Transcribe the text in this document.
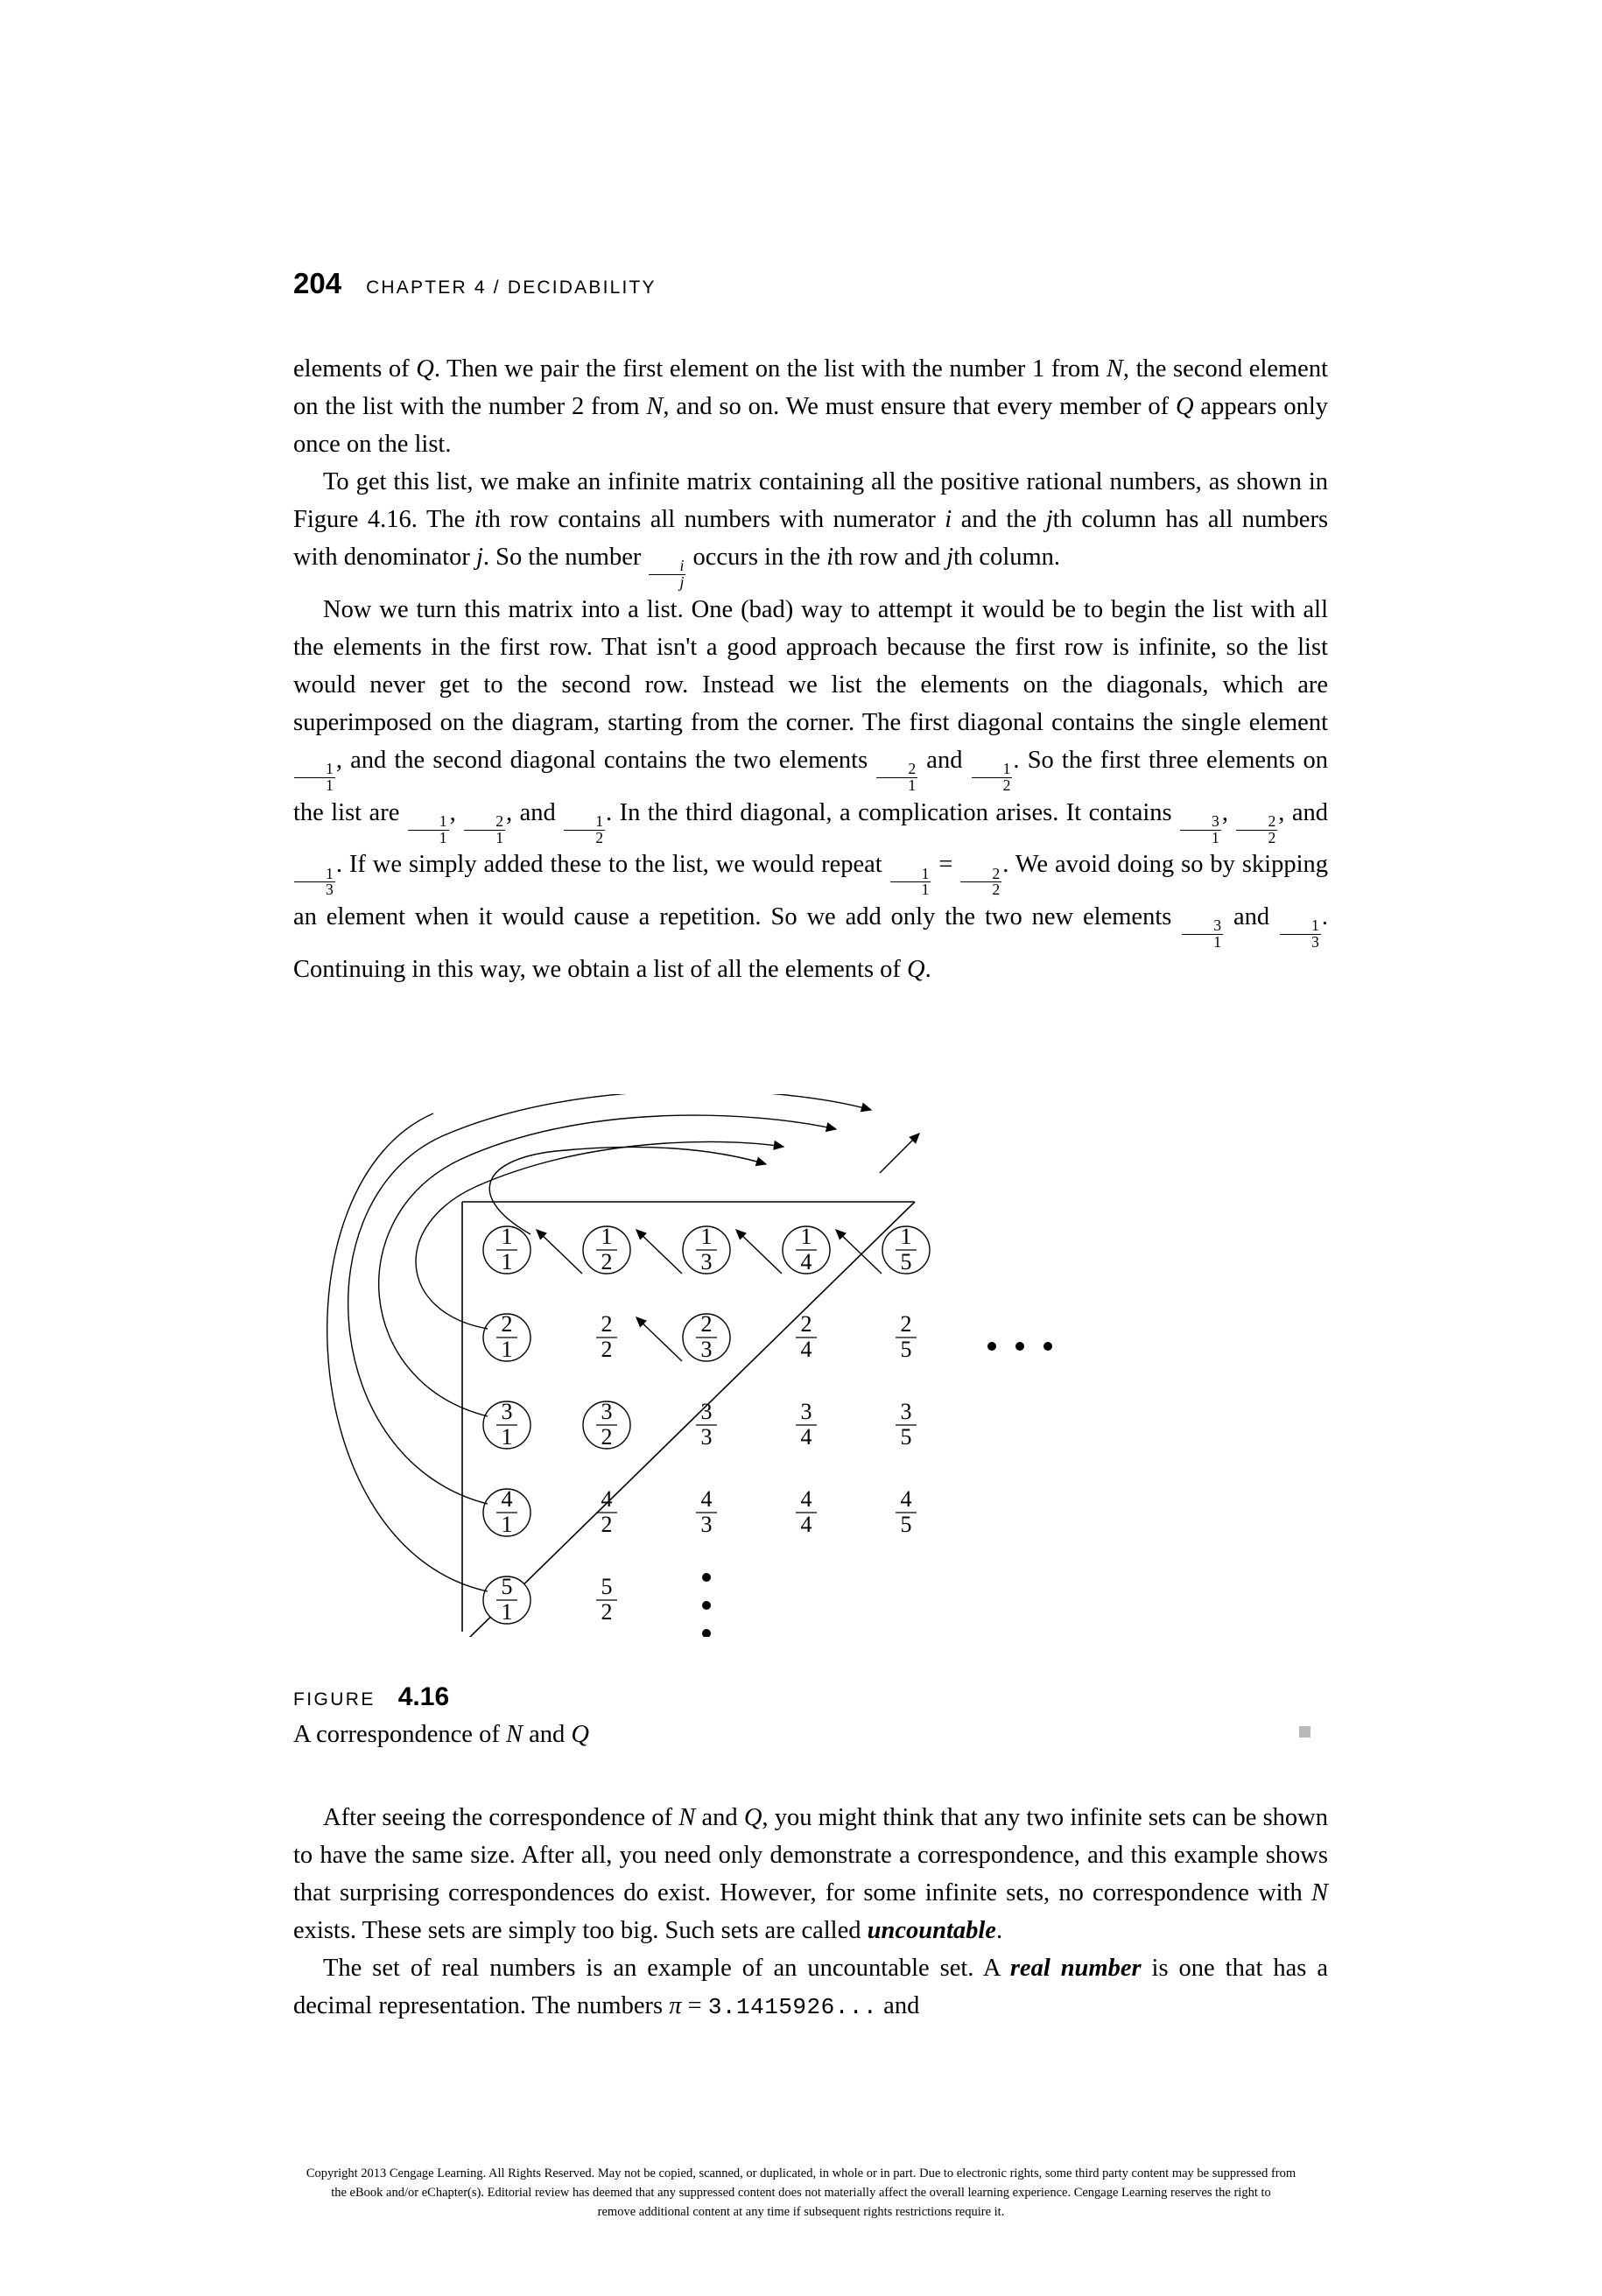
204 CHAPTER 4 / DECIDABILITY

elements of Q. Then we pair the first element on the list with the number 1 from N, the second element on the list with the number 2 from N, and so on. We must ensure that every member of Q appears only once on the list.

To get this list, we make an infinite matrix containing all the positive rational numbers, as shown in Figure 4.16. The ith row contains all numbers with numerator i and the jth column has all numbers with denominator j. So the number
$\frac{i}{j}$
occurs in the ith row and jth column.

Now we turn this matrix into a list. One (bad) way to attempt it would be to begin the list with all the elements in the first row. That isn't a good approach because the first row is infinite, so the list would never get to the second row. Instead we list the elements on the diagonals, which are superimposed on the diagram, starting from the corner. The first diagonal contains the single element
$\frac{1}{1}$
, and the second diagonal contains the two elements
$\frac{2}{1}$
and
$\frac{1}{2}$
. So the first three elements on the list are
$\frac{1}{1}$
,
$\frac{2}{1}$
, and
$\frac{1}{2}$
. In the third diagonal, a complication arises. It contains
$\frac{3}{1}$
,
$\frac{2}{2}$
, and
$\frac{1}{3}$
. If we simply added these to the list, we would repeat
$\frac{1}{1}$
=
$\frac{2}{2}$
. We avoid doing so by skipping an element when it would cause a repetition. So we add only the two new elements
$\frac{3}{1}$
and
$\frac{1}{3}$
. Continuing in this way, we obtain a list of all the elements of Q.

1
1
1
2
1
3
1
4
1
5
2
1
2
2
2
3
2
4
2
5
3
1
3
2
3
3
3
4
3
5
4
1
4
2
4
3
4
4
4
5
5
1
5
2
FIGURE 4.16
A correspondence of N and Q

After seeing the correspondence of N and Q, you might think that any two infinite sets can be shown to have the same size. After all, you need only demonstrate a correspondence, and this example shows that surprising correspondences do exist. However, for some infinite sets, no correspondence with N exists. These sets are simply too big. Such sets are called uncountable.

The set of real numbers is an example of an uncountable set. A real number is one that has a decimal representation. The numbers π = 3.1415926... and

Copyright 2013 Cengage Learning. All Rights Reserved. May not be copied, scanned, or duplicated, in whole or in part. Due to electronic rights, some third party content may be suppressed from
the eBook and/or eChapter(s). Editorial review has deemed that any suppressed content does not materially affect the overall learning experience. Cengage Learning reserves the right to
remove additional content at any time if subsequent rights restrictions require it.
